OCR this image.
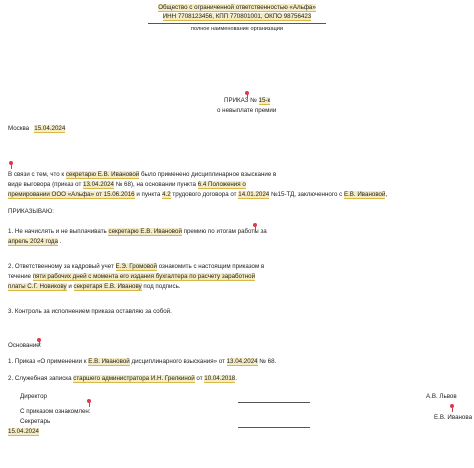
Общество с ограниченной ответственностью «Альфа»
ИНН 7708123456, КПП 770801001, ОКПО 98756423
полное наименование организации
ПРИКАЗ № 15-к
о невыплате премии
Москва 15.04.2024
В связи с тем, что к секретарю Е.В. Ивановой было применено дисциплинарное взыскание в
виде выговора (приказ от 13.04.2024 № 68), на основании пункта 6.4 Положения о
премировании ООО «Альфа» от 15.06.2016 и пункта 4.2 трудового договора от 14.01.2024 №15-ТД, заключенного с Е.В. Ивановой,
ПРИКАЗЫВАЮ:
1. Не начислять и не выплачивать секретарю Е.В. Ивановой премию по итогам работы за
апрель 2024 года .
2. Ответственному за кадровый учет Е.Э. Громовой ознакомить с настоящим приказом в
течение пяти рабочих дней с момента его издания бухгалтера по расчету заработной
платы С.Г. Новикову и секретаря Е.В. Иванову под подпись.
3. Контроль за исполнением приказа оставляю за собой.
Основание:
1. Приказ «О применении к Е.В. Ивановой дисциплинарного взыскания» от 13.04.2024 № 68.
2. Служебная записка старшего администратора И.Н. Грелкиной от 10.04.2018.
Директор	А.В. Львов
С приказом ознакомлен:
Секретарь
Е.В. Иванова
15.04.2024
